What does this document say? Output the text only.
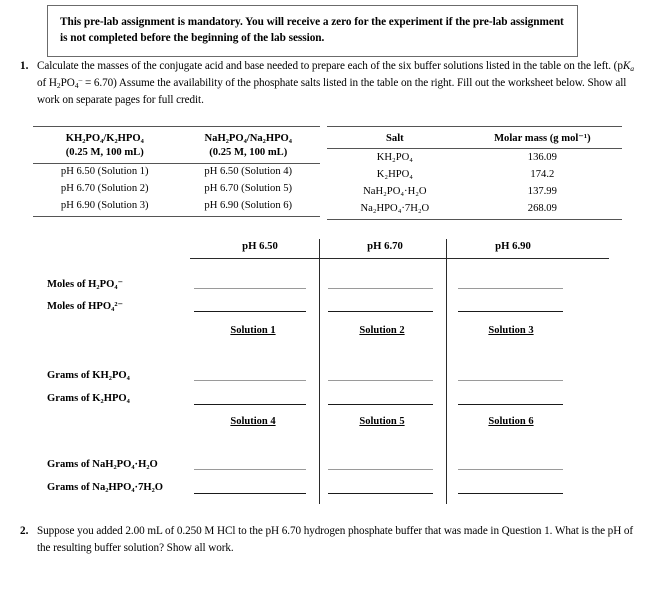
This pre-lab assignment is mandatory. You will receive a zero for the experiment if the pre-lab assignment is not completed before the beginning of the lab session.
1. Calculate the masses of the conjugate acid and base needed to prepare each of the six buffer solutions listed in the table on the left. ($pK_a$ of $H_2PO_4^- = 6.70$) Assume the availability of the phosphate salts listed in the table on the right. Fill out the worksheet below. Show all work on separate pages for full credit.
KH₂PO₄/K₂HPO₄
(0.25 M, 100 mL)

NaH₂PO₄/Na₂HPO₄
(0.25 M, 100 mL)

pH 6.50 (Solution 1)	pH 6.50 (Solution 4)
pH 6.70 (Solution 2)	pH 6.70 (Solution 5)
pH 6.90 (Solution 3)	pH 6.90 (Solution 6)
Salt	Molar mass (g mol⁻¹)
KH₂PO₄	136.09
K₂HPO₄	174.2
NaH₂PO₄·H₂O	137.99
Na₂HPO₄·7H₂O	268.09
pH 6.50	pH 6.70	pH 6.90
Moles of H₂PO₄⁻
Moles of HPO₄²⁻
Grams of KH₂PO₄
Grams of K₂HPO₄
Grams of NaH₂PO₄·H₂O
Grams of Na₂HPO₄·7H₂O
Solution 1	Solution 2	Solution 3
Solution 4	Solution 5	Solution 6
2. Suppose you added 2.00 mL of 0.250 M HCl to the pH 6.70 hydrogen phosphate buffer that was made in Question 1. What is the pH of the resulting buffer solution? Show all work.
